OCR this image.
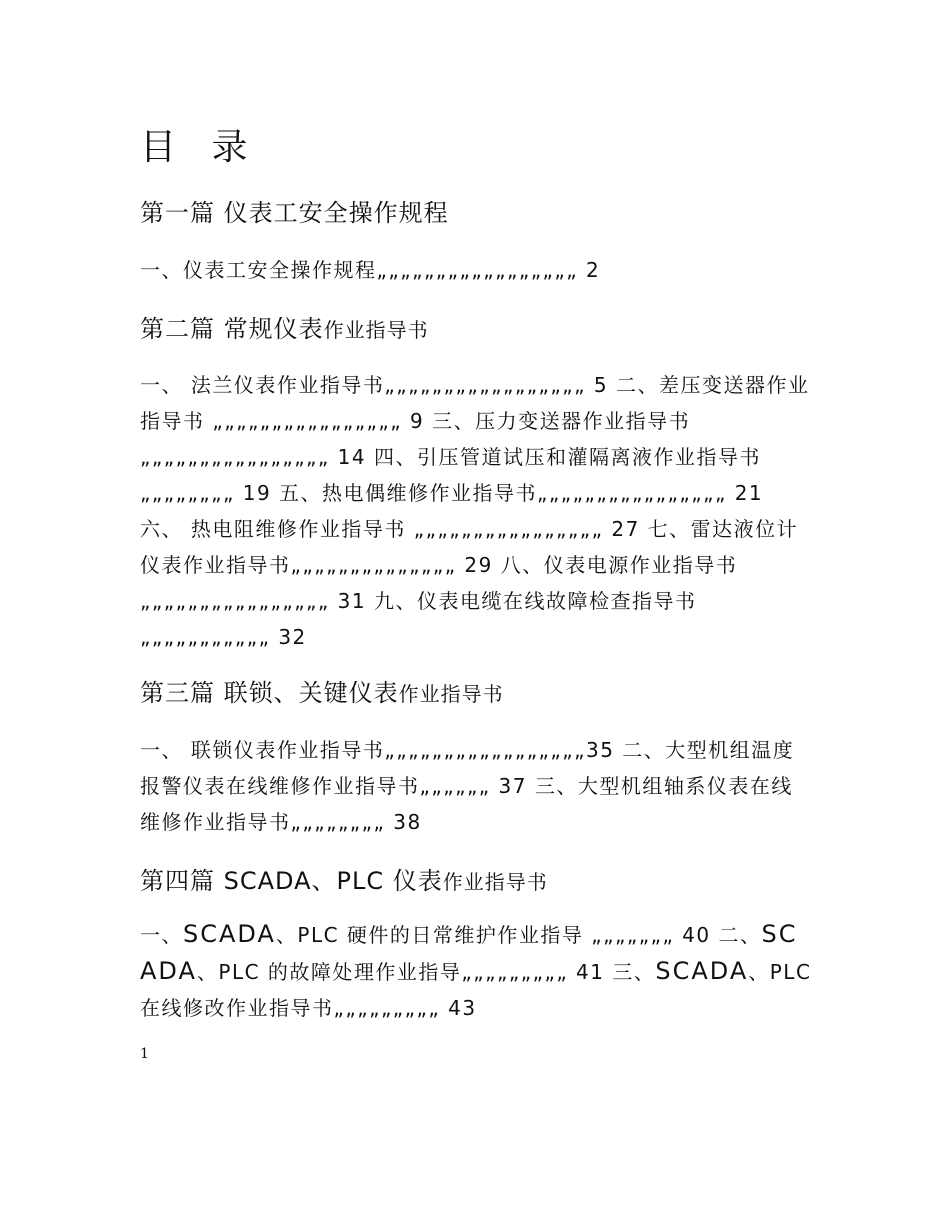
目 录
第一篇 仪表工安全操作规程

一、仪表工安全操作规程„„„„„„„„„„„„„„„„„ 2

第二篇 常规仪表作业指导书

一、 法兰仪表作业指导书„„„„„„„„„„„„„„„„„ 5 二、差压变送器作业指导书 „„„„„„„„„„„„„„„„ 9 三、压力变送器作业指导书„„„„„„„„„„„„„„„„ 14 四、引压管道试压和灌隔离液作业指导书„„„„„„„„ 19 五、热电偶维修作业指导书„„„„„„„„„„„„„„„„ 21 六、 热电阻维修作业指导书 „„„„„„„„„„„„„„„„ 27 七、雷达液位计仪表作业指导书„„„„„„„„„„„„„„ 29 八、仪表电源作业指导书 „„„„„„„„„„„„„„„„ 31 九、仪表电缆在线故障检查指导书 „„„„„„„„„„„ 32

第三篇 联锁、关键仪表作业指导书

一、 联锁仪表作业指导书„„„„„„„„„„„„„„„„„35 二、大型机组温度报警仪表在线维修作业指导书„„„„„„ 37 三、大型机组轴系仪表在线维修作业指导书„„„„„„„„ 38

第四篇 SCADA、PLC 仪表作业指导书

一、SCADA、PLC 硬件的日常维护作业指导 „„„„„„„ 40 二、SCADA、PLC 的故障处理作业指导„„„„„„„„„ 41 三、SCADA、PLC 在线修改作业指导书„„„„„„„„„ 43

1
